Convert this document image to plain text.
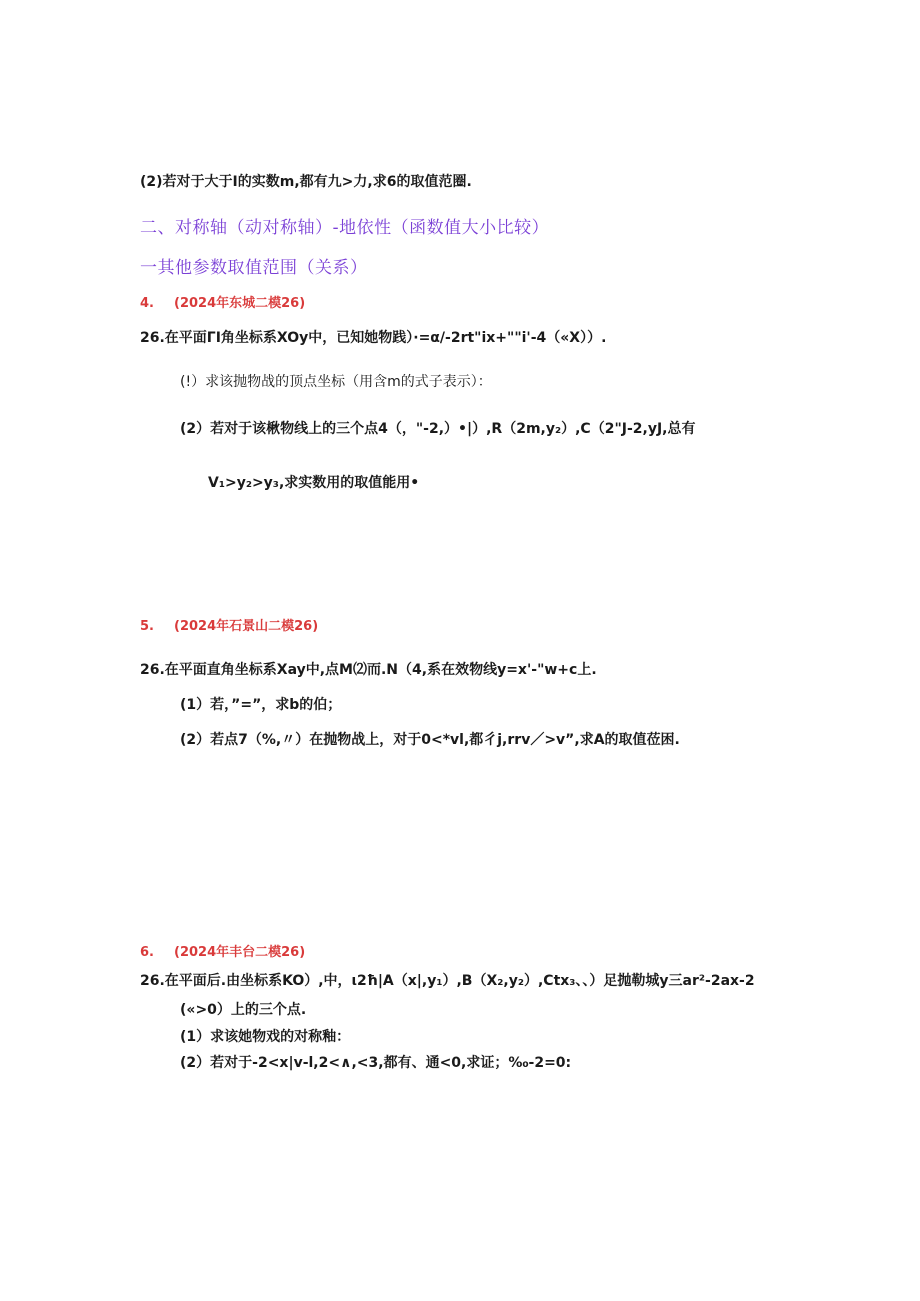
(2)若对于大于I的实数m,都有九>力,求6的取值范圈.
二、对称轴（动对称轴）-地依性（函数值大小比较）
一其他参数取值范围（关系）
4. (2024年东城二模26)
26.在平面ΓI角坐标系XOy中，已知她物践）·=α/-2rt"ix+""i'-4（«X））.
(!）求该抛物战的顶点坐标（用含m的式子表示）：
(2）若对于该楸物线上的三个点4（，"-2,）•|）,R（2m,y₂）,C（2"J-2,yJ,总有
V₁>y₂>y₃,求实数用的取值能用•
5. (2024年石景山二模26)
26.在平面直角坐标系Xay中,点M⑵而.N（4,系在效物线y=x'-"w+c上.
(1）若，”=”，求b的伯；
(2）若点7（%,〃）在抛物战上，对于0<*vl,都彳j,rrv／>v”,求A的取值莅困.
6. (2024年丰台二模26)
26.在平面后.由坐标系KO）,中，ι2ħ|A（x|,y₁）,B（X₂,y₂）,Ctx₃、、）足抛勒城y三ar²-2ax-2
(«>0）上的三个点.
(1）求该她物戏的对称釉：
(2）若对于-2<x|v-l,2<∧,<3,都有、通<0,求证；‰-2=0:
